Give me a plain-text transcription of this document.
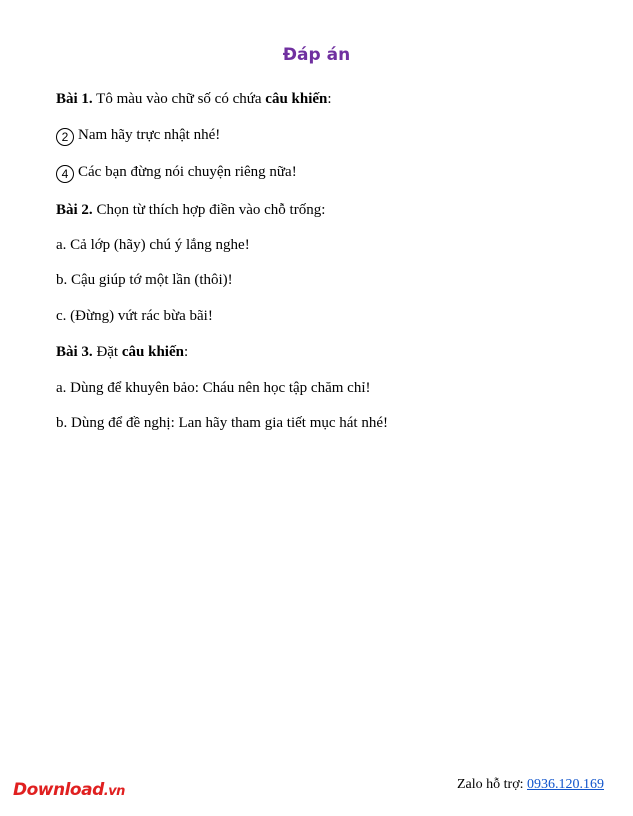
Đáp án
Bài 1. Tô màu vào chữ số có chứa câu khiến:
2 Nam hãy trực nhật nhé!
4 Các bạn đừng nói chuyện riêng nữa!
Bài 2. Chọn từ thích hợp điền vào chỗ trống:
a. Cả lớp (hãy) chú ý lắng nghe!
b. Cậu giúp tớ một lần (thôi)!
c. (Đừng) vứt rác bừa bãi!
Bài 3. Đặt câu khiến:
a. Dùng để khuyên bảo: Cháu nên học tập chăm chỉ!
b. Dùng để đề nghị: Lan hãy tham gia tiết mục hát nhé!
Download.vn	Zalo hỗ trợ: 0936.120.169
